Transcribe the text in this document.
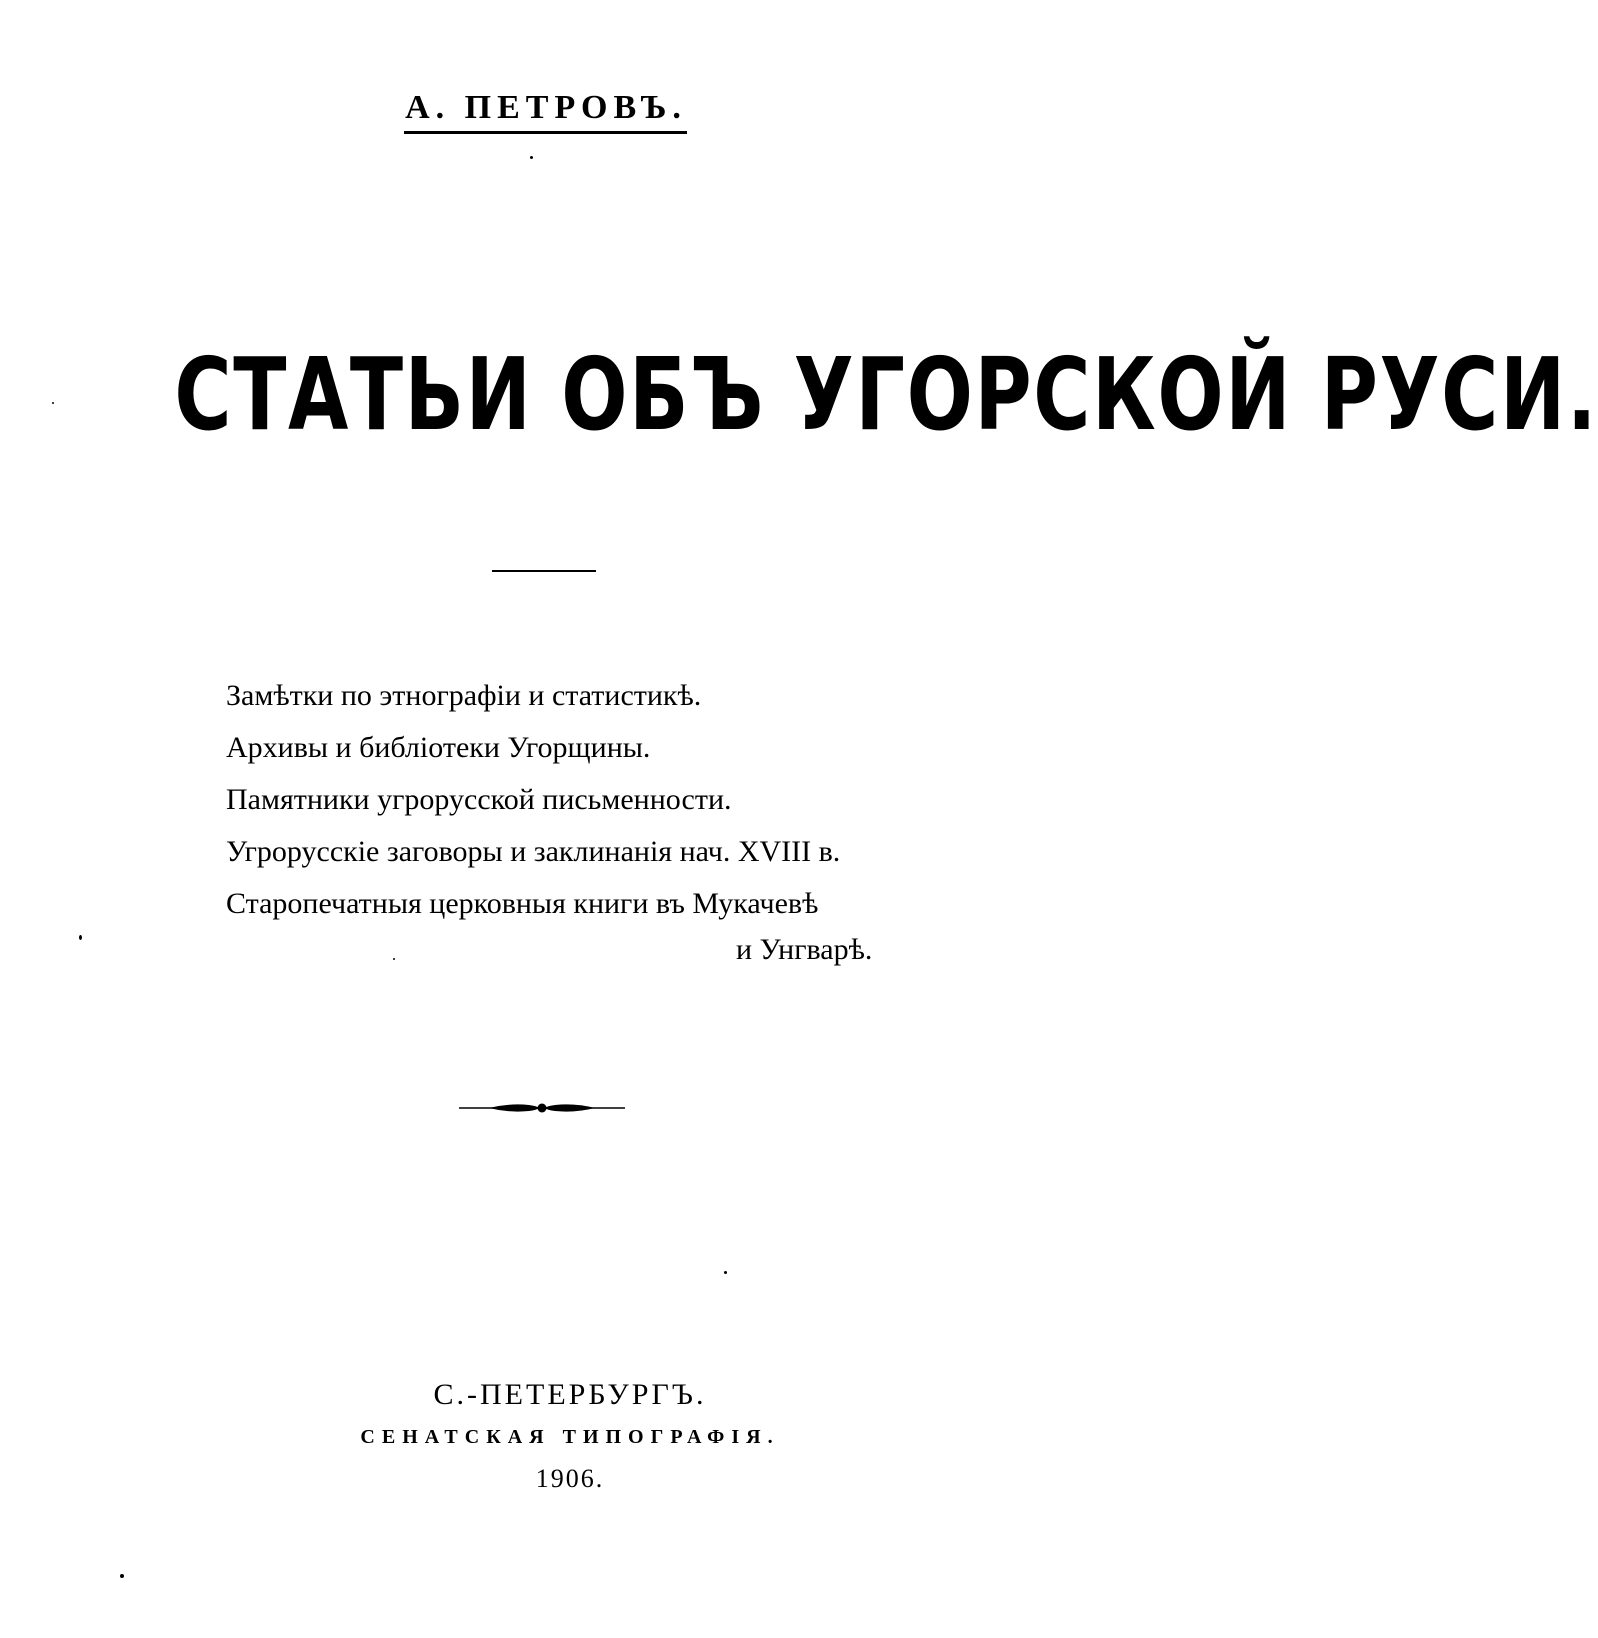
А. ПЕТРОВЪ.
СТАТЬИ ОБЪ УГОРСКОЙ РУСИ.
Замѣтки по этнографіи и статистикѣ.
Архивы и библіотеки Угорщины.
Памятники угрорусской письменности.
Угрорусскіе заговоры и заклинанія нач. XVIII в.
Старопечатныя церковныя книги въ Мукачевѣ
и Унгварѣ.
С.-ПЕТЕРБУРГЪ.
СЕНАТСКАЯ ТИПОГРАФІЯ.
1906.
